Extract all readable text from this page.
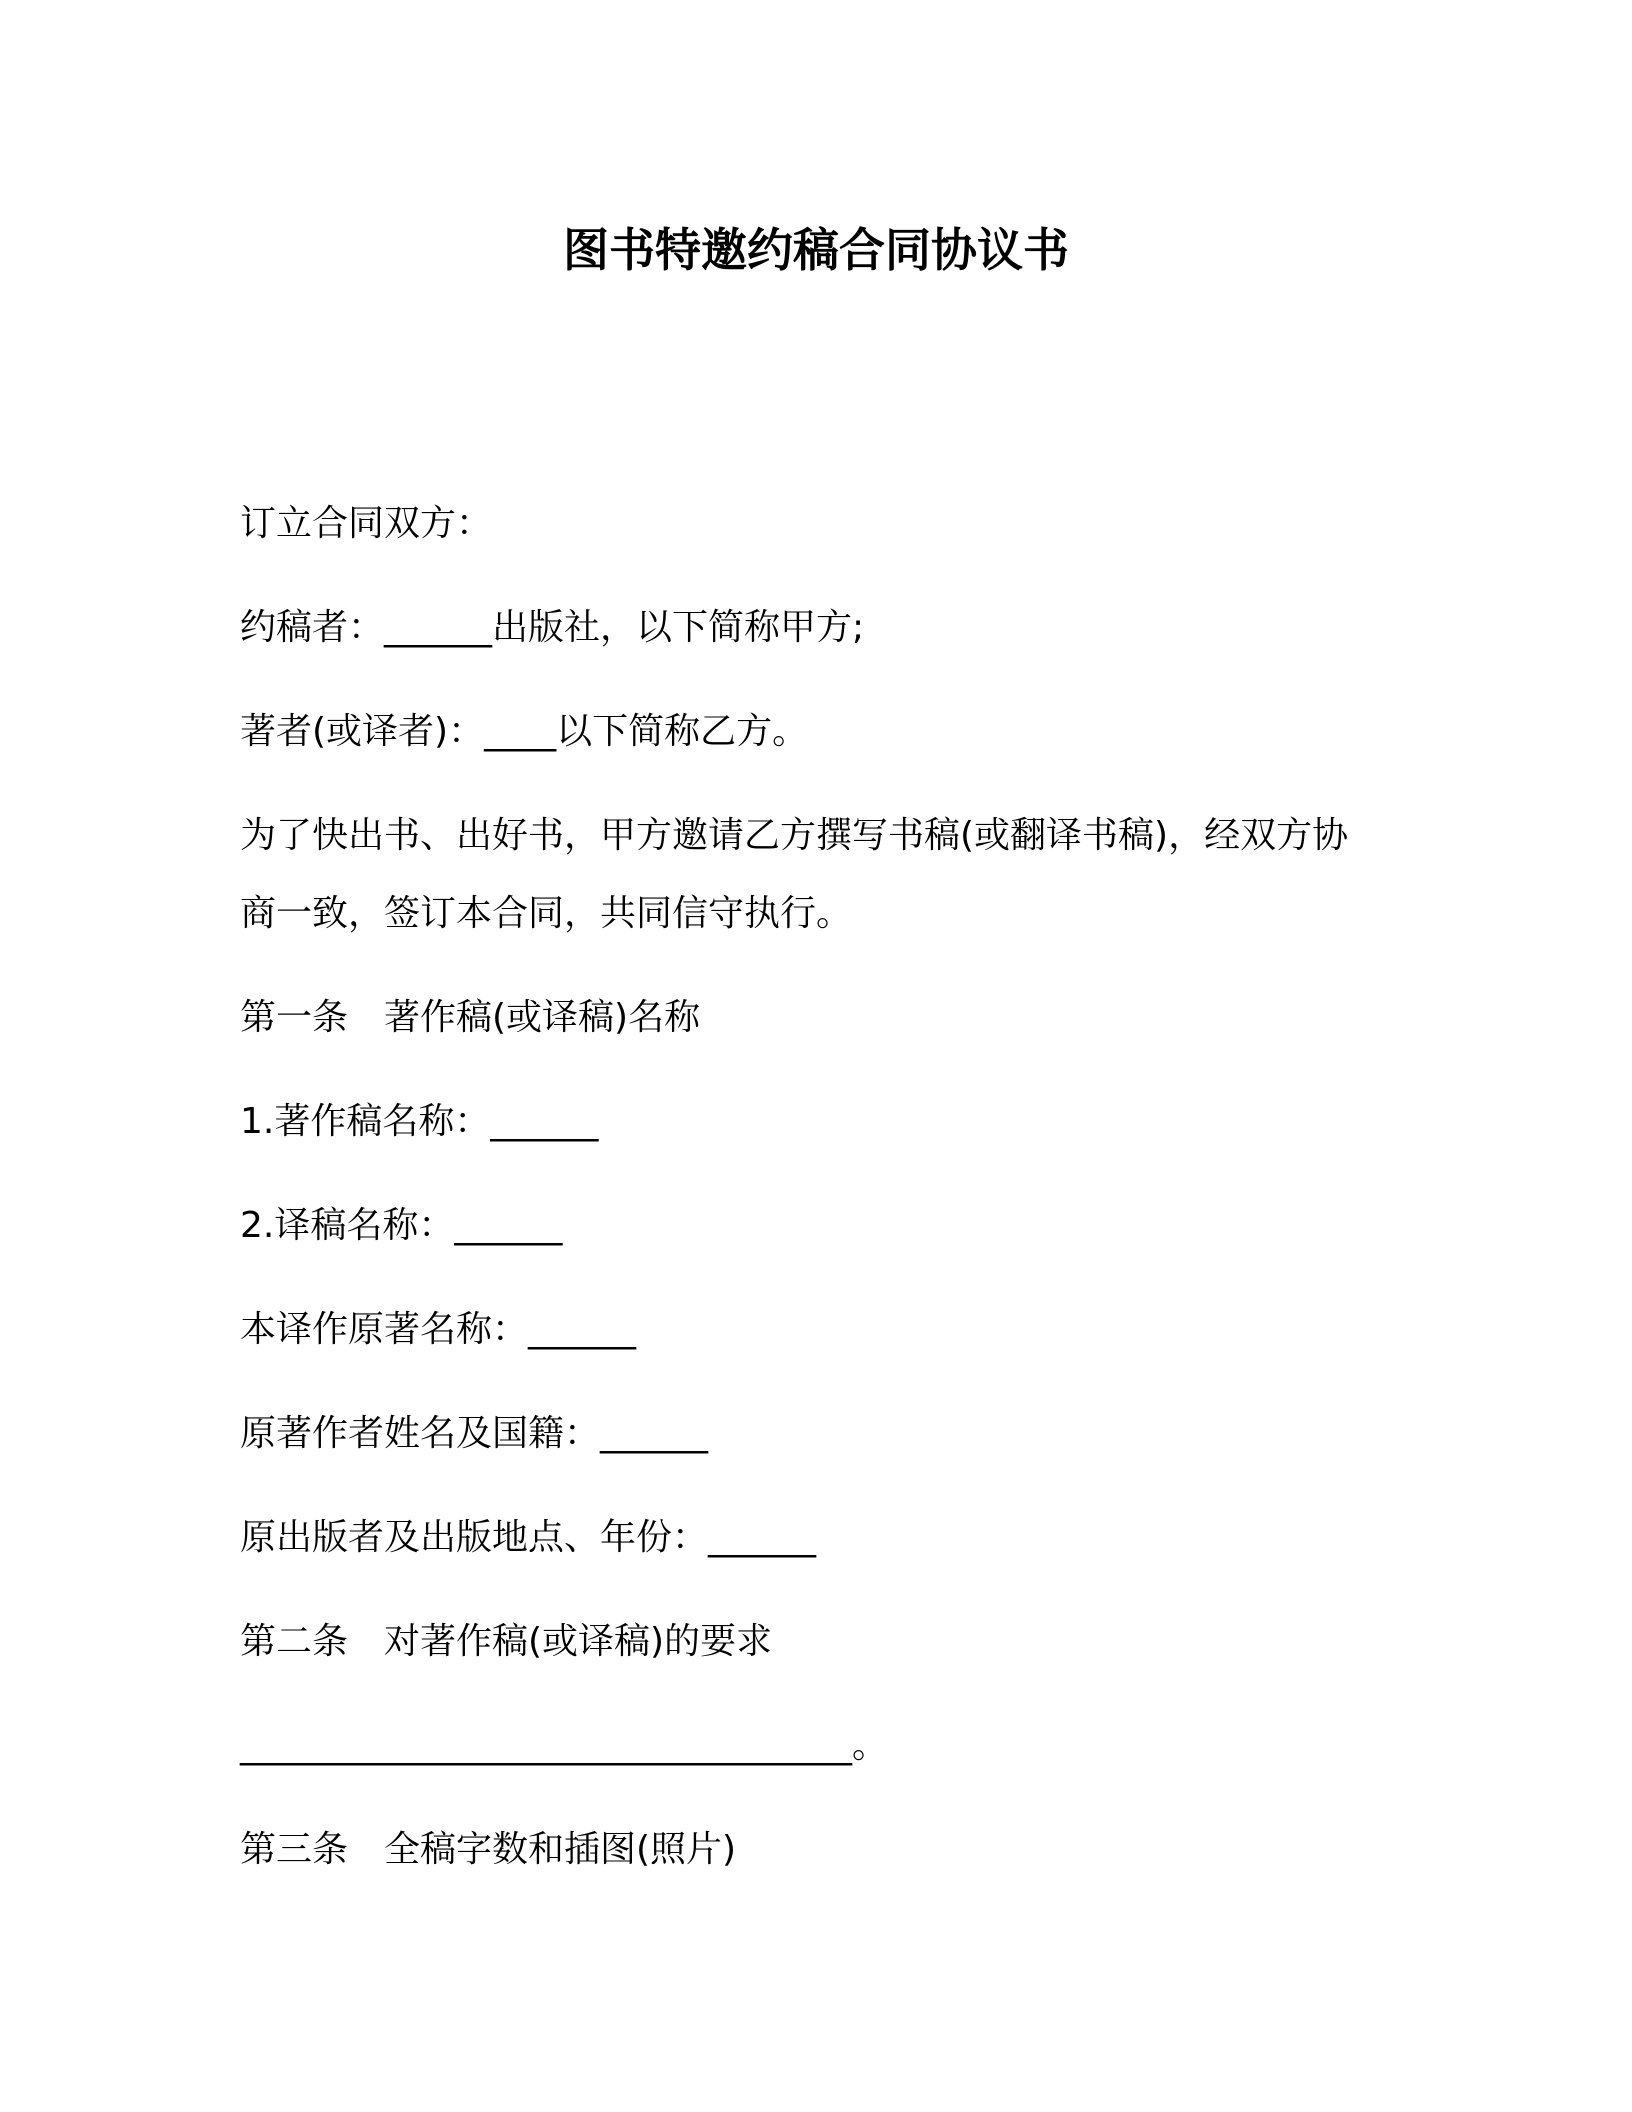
图书特邀约稿合同协议书
订立合同双方：
约稿者：______出版社，以下简称甲方;
著者(或译者)：____以下简称乙方。
为了快出书、出好书，甲方邀请乙方撰写书稿(或翻译书稿)，经双方协
商一致，签订本合同，共同信守执行。
第一条　著作稿(或译稿)名称
1.著作稿名称：______
2.译稿名称：______
本译作原著名称：______
原著作者姓名及国籍：______
原出版者及出版地点、年份：______
第二条　对著作稿(或译稿)的要求
__________________________________。
第三条　全稿字数和插图(照片)
